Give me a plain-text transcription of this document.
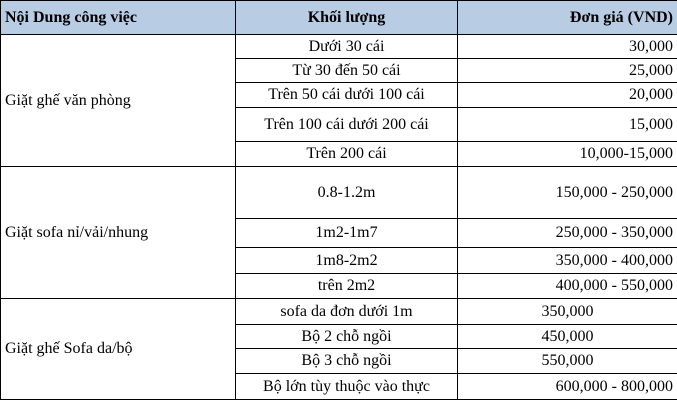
Nội Dung công việc	Khối lượng	Đơn giá (VND)
Giặt ghế văn phòng	Dưới 30 cái	30,000
	Từ 30 đến 50 cái	25,000
	Trên 50 cái dưới 100 cái	20,000
	Trên 100 cái dưới 200 cái	15,000
	Trên 200 cái	10,000-15,000
Giặt sofa nỉ/vải/nhung	0.8-1.2m	150,000 - 250,000
	1m2-1m7	250,000 - 350,000
	1m8-2m2	350,000 - 400,000
	trên 2m2	400,000 - 550,000
Giặt ghế Sofa da/bộ	sofa da đơn dưới 1m	350,000
	Bộ 2 chỗ ngồi	450,000
	Bộ 3 chỗ ngồi	550,000
	Bộ lớn tùy thuộc vào thực	600,000 - 800,000
